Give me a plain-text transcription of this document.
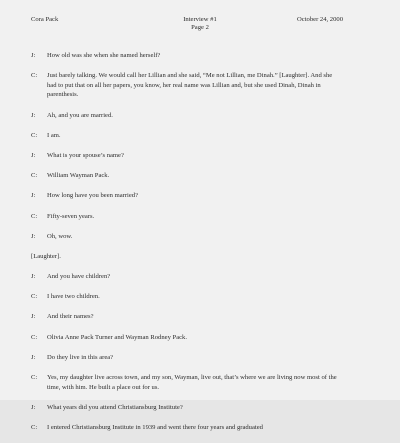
Cora Pack	Interview #1
Page 2
October 24, 2000
J: How old was she when she named herself?
C: Just barely talking. We would call her Lillian and she said, “Me not Lillian, me Dinah.” [Laughter]. And she had to put that on all her papers, you know, her real name was Lillian and, but she used Dinah, Dinah in parenthesis.
J: Ah, and you are married.
C: I am.
J: What is your spouse’s name?
C: William Wayman Pack.
J: How long have you been married?
C: Fifty-seven years.
J: Oh, wow.
[Laughter].
J: And you have children?
C: I have two children.
J: And their names?
C: Olivia Anne Pack Turner and Wayman Rodney Pack.
J: Do they live in this area?
C: Yes, my daughter live across town, and my son, Wayman, live out, that’s where we are living now most of the time, with him. He built a place out for us.
J: What years did you attend Christiansburg Institute?
C: I entered Christiansburg Institute in 1939 and went there four years and graduated
